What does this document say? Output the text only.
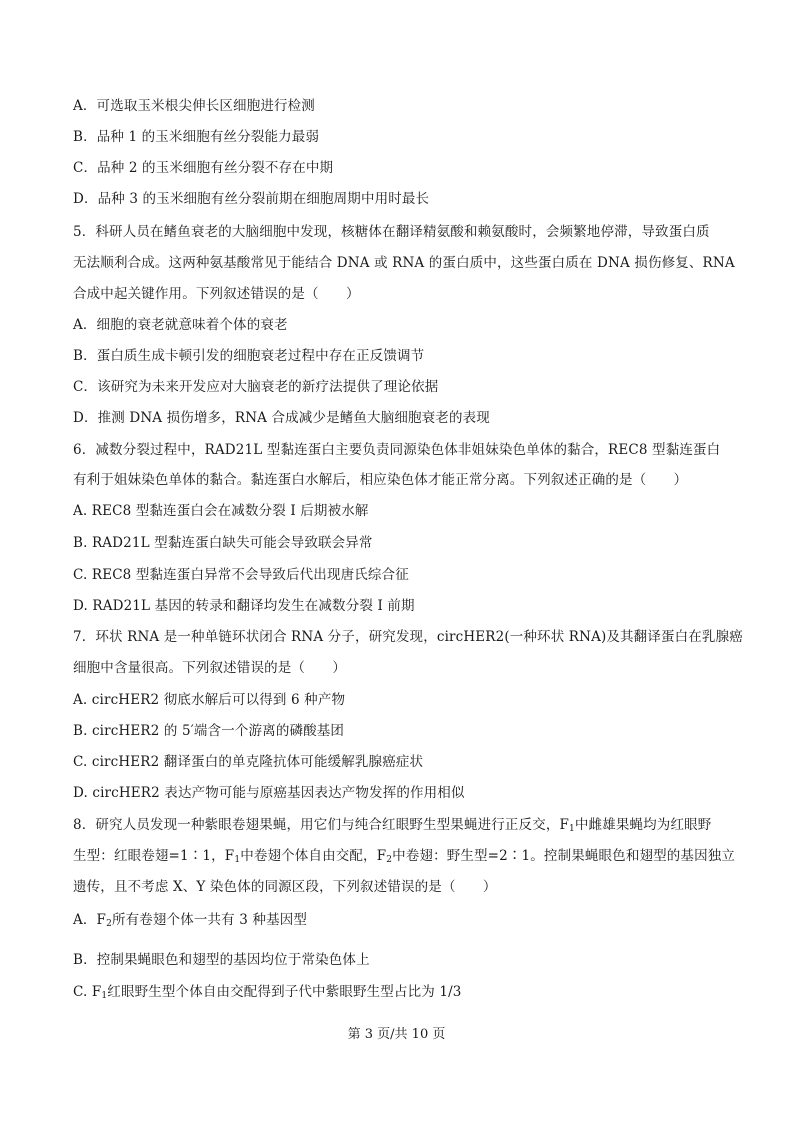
A．可选取玉米根尖伸长区细胞进行检测
B．品种 1 的玉米细胞有丝分裂能力最弱
C．品种 2 的玉米细胞有丝分裂不存在中期
D．品种 3 的玉米细胞有丝分裂前期在细胞周期中用时最长
5．科研人员在鳍鱼衰老的大脑细胞中发现，核糖体在翻译精氨酸和赖氨酸时，会频繁地停滞，导致蛋白质
无法顺利合成。这两种氨基酸常见于能结合 DNA 或 RNA 的蛋白质中，这些蛋白质在 DNA 损伤修复、RNA
合成中起关键作用。下列叙述错误的是（　　）
A．细胞的衰老就意味着个体的衰老
B．蛋白质生成卡顿引发的细胞衰老过程中存在正反馈调节
C．该研究为未来开发应对大脑衰老的新疗法提供了理论依据
D．推测 DNA 损伤增多，RNA 合成减少是鳍鱼大脑细胞衰老的表现
6．减数分裂过程中，RAD21L 型黏连蛋白主要负责同源染色体非姐妹染色单体的黏合，REC8 型黏连蛋白
有利于姐妹染色单体的黏合。黏连蛋白水解后，相应染色体才能正常分离。下列叙述正确的是（　　）
A. REC8 型黏连蛋白会在减数分裂 Ⅰ 后期被水解
B. RAD21L 型黏连蛋白缺失可能会导致联会异常
C. REC8 型黏连蛋白异常不会导致后代出现唐氏综合征
D. RAD21L 基因的转录和翻译均发生在减数分裂 Ⅰ 前期
7．环状 RNA 是一种单链环状闭合 RNA 分子，研究发现，circHER2(一种环状 RNA)及其翻译蛋白在乳腺癌
细胞中含量很高。下列叙述错误的是（　　）
A. circHER2 彻底水解后可以得到 6 种产物
B. circHER2 的 5′端含一个游离的磷酸基团
C. circHER2 翻译蛋白的单克隆抗体可能缓解乳腺癌症状
D. circHER2 表达产物可能与原癌基因表达产物发挥的作用相似
8．研究人员发现一种紫眼卷翅果蝇，用它们与纯合红眼野生型果蝇进行正反交，$F_1$中雌雄果蝇均为红眼野
生型：红眼卷翅=1∶1，$F_1$中卷翅个体自由交配，$F_2$中卷翅：野生型=2∶1。控制果蝇眼色和翅型的基因独立
遗传，且不考虑 X、Y 染色体的同源区段，下列叙述错误的是（　　）
A．$F_2$所有卷翅个体一共有 3 种基因型
B．控制果蝇眼色和翅型的基因均位于常染色体上
C. $F_1$红眼野生型个体自由交配得到子代中紫眼野生型占比为 1/3
第 3 页/共 10 页
